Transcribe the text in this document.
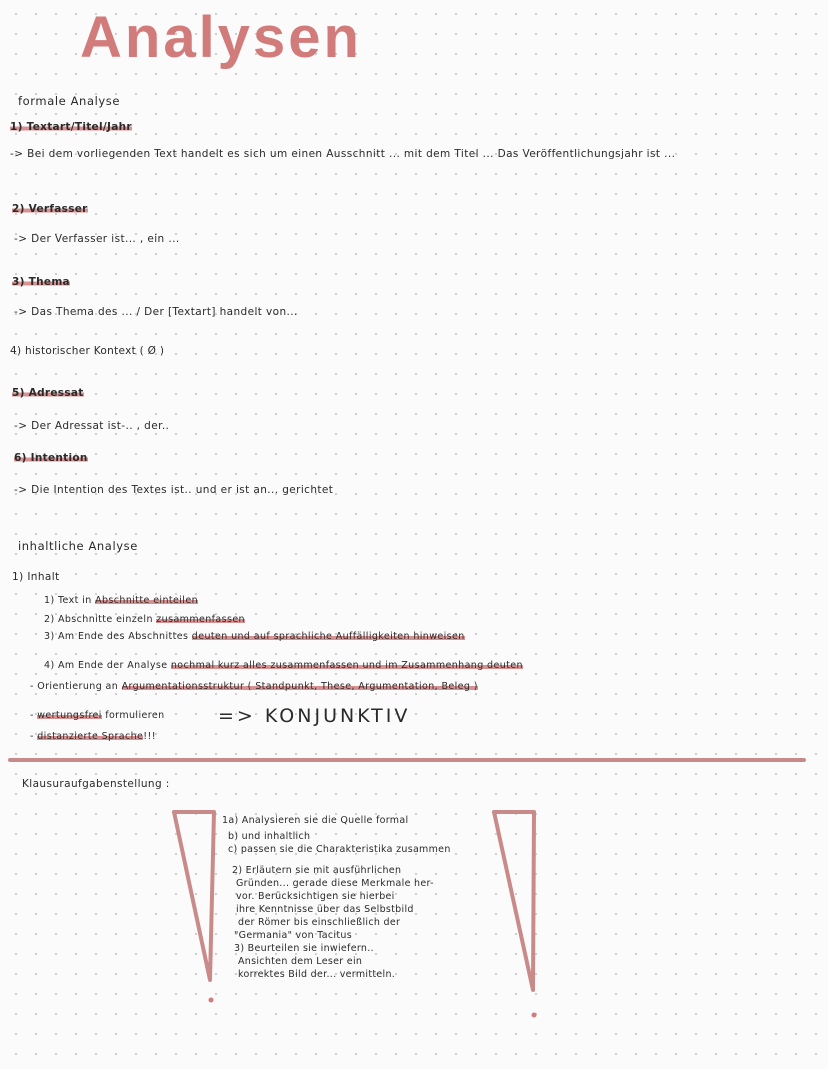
Analysen
formale Analyse
1) Textart/Titel/Jahr
-> Bei dem vorliegenden Text handelt es sich um einen Ausschnitt ... mit dem Titel ... Das Veröffentlichungsjahr ist ...
2) Verfasser
-> Der Verfasser ist... , ein ...
3) Thema
-> Das Thema des ... / Der [Textart] handelt von...
4) historischer Kontext ( Ø )
5) Adressat
-> Der Adressat ist-.. , der..
6) Intention
-> Die Intention des Textes ist.. und er ist an... gerichtet
inhaltliche Analyse
1) Inhalt
1) Text in Abschnitte einteilen
2) Abschnitte einzeln zusammenfassen
3) Am Ende des Abschnittes deuten und auf sprachliche Auffälligkeiten hinweisen
4) Am Ende der Analyse nochmal kurz alles zusammenfassen und im Zusammenhang deuten
- Orientierung an Argumentationsstruktur ( Standpunkt, These, Argumentation, Beleg )
- wertungsfrei formulieren
- distanzierte Sprache!!!
=> KONJUNKTIV
Klausuraufgabenstellung :
1a) Analysieren sie die Quelle formal
b) und inhaltlich
c) passen sie die Charakteristika zusammen
2) Erläutern sie mit ausführlichen
Gründen... gerade diese Merkmale her-
vor. Berücksichtigen sie hierbei
ihre Kenntnisse über das Selbstbild
der Römer bis einschließlich der
"Germania" von Tacitus
3) Beurteilen sie inwiefern..
Ansichten dem Leser ein
korrektes Bild der... vermitteln.
